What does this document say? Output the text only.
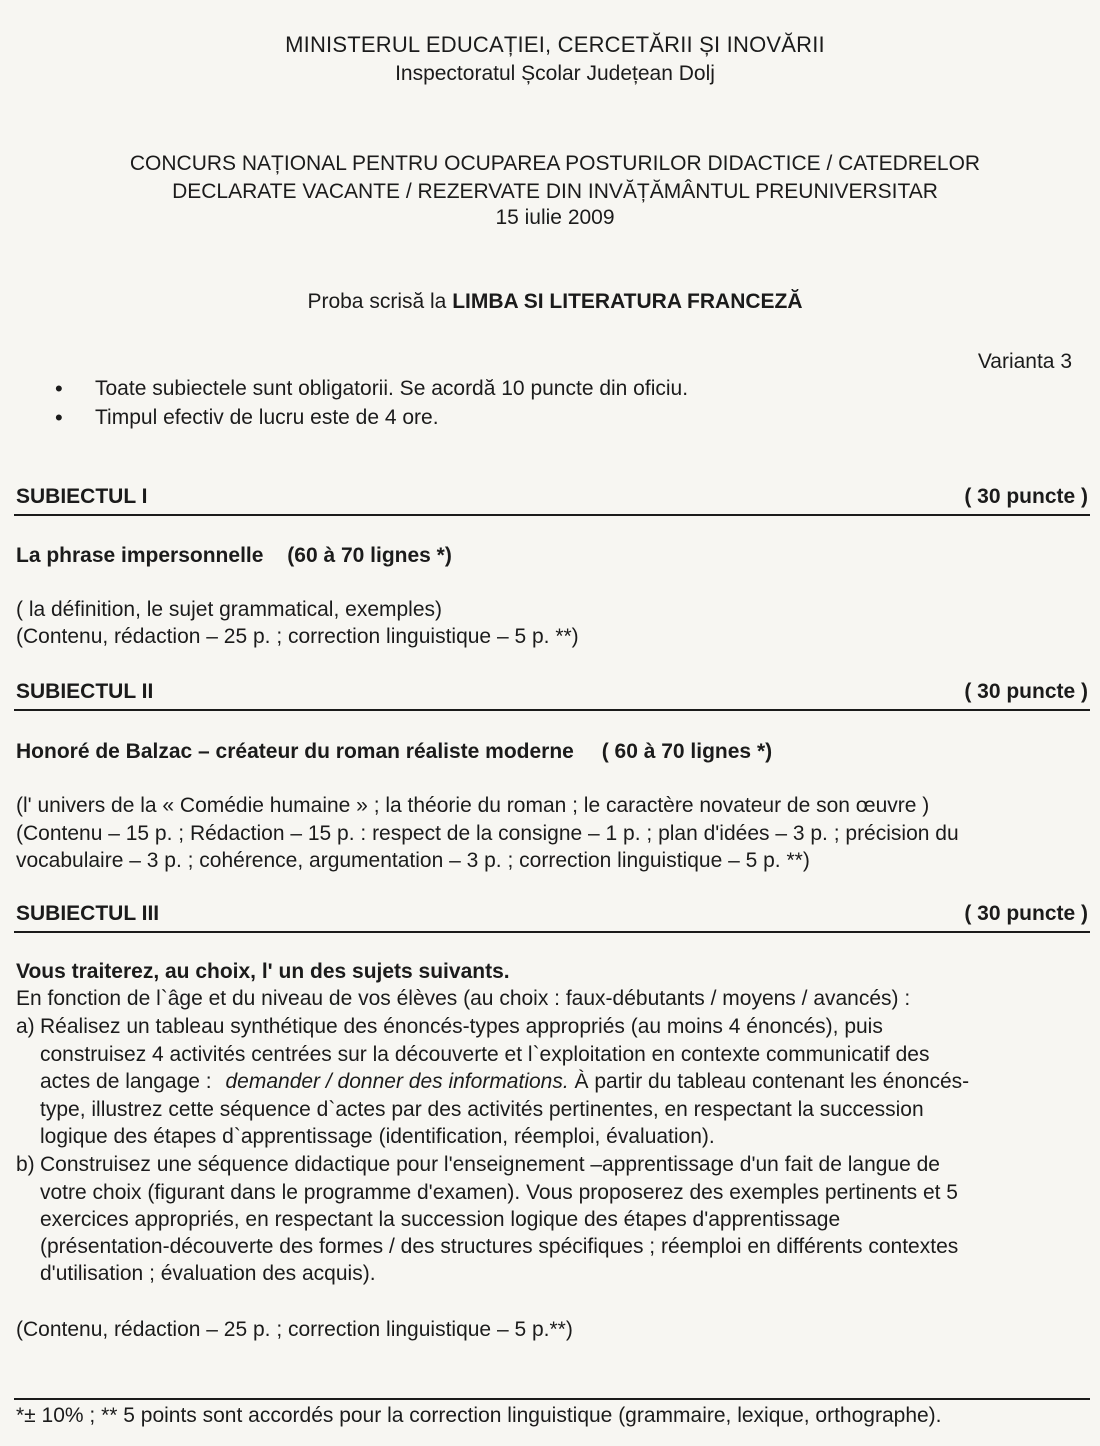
MINISTERUL EDUCAȚIEI, CERCETĂRII ȘI INOVĂRII
Inspectoratul Școlar Județean Dolj
CONCURS NAȚIONAL PENTRU OCUPAREA POSTURILOR DIDACTICE / CATEDRELOR
DECLARATE VACANTE / REZERVATE DIN INVĂȚĂMÂNTUL PREUNIVERSITAR
15 iulie 2009
Proba scrisă la LIMBA SI LITERATURA FRANCEZĂ
Varianta 3
• Toate subiectele sunt obligatorii. Se acordă 10 puncte din oficiu.
• Timpul efectiv de lucru este de 4 ore.
SUBIECTUL I	( 30 puncte )
La phrase impersonnelle (60 à 70 lignes *)
( la définition, le sujet grammatical, exemples)
(Contenu, rédaction – 25 p. ; correction linguistique – 5 p. **)
SUBIECTUL II	( 30 puncte )
Honoré de Balzac – créateur du roman réaliste moderne ( 60 à 70 lignes *)
(l' univers de la « Comédie humaine » ; la théorie du roman ; le caractère novateur de son œuvre )
(Contenu – 15 p. ; Rédaction – 15 p. : respect de la consigne – 1 p. ; plan d'idées – 3 p. ; précision du
vocabulaire – 3 p. ; cohérence, argumentation – 3 p. ; correction linguistique – 5 p. **)
SUBIECTUL III	( 30 puncte )
Vous traiterez, au choix, l' un des sujets suivants.
En fonction de l`âge et du niveau de vos élèves (au choix : faux-débutants / moyens / avancés) :
a) Réalisez un tableau synthétique des énoncés-types appropriés (au moins 4 énoncés), puis
construisez 4 activités centrées sur la découverte et l`exploitation en contexte communicatif des
actes de langage : demander / donner des informations. À partir du tableau contenant les énoncés-
type, illustrez cette séquence d`actes par des activités pertinentes, en respectant la succession
logique des étapes d`apprentissage (identification, réemploi, évaluation).
b) Construisez une séquence didactique pour l'enseignement –apprentissage d'un fait de langue de
votre choix (figurant dans le programme d'examen). Vous proposerez des exemples pertinents et 5
exercices appropriés, en respectant la succession logique des étapes d'apprentissage
(présentation-découverte des formes / des structures spécifiques ; réemploi en différents contextes
d'utilisation ; évaluation des acquis).
(Contenu, rédaction – 25 p. ; correction linguistique – 5 p.**)
*± 10% ; ** 5 points sont accordés pour la correction linguistique (grammaire, lexique, orthographe).
